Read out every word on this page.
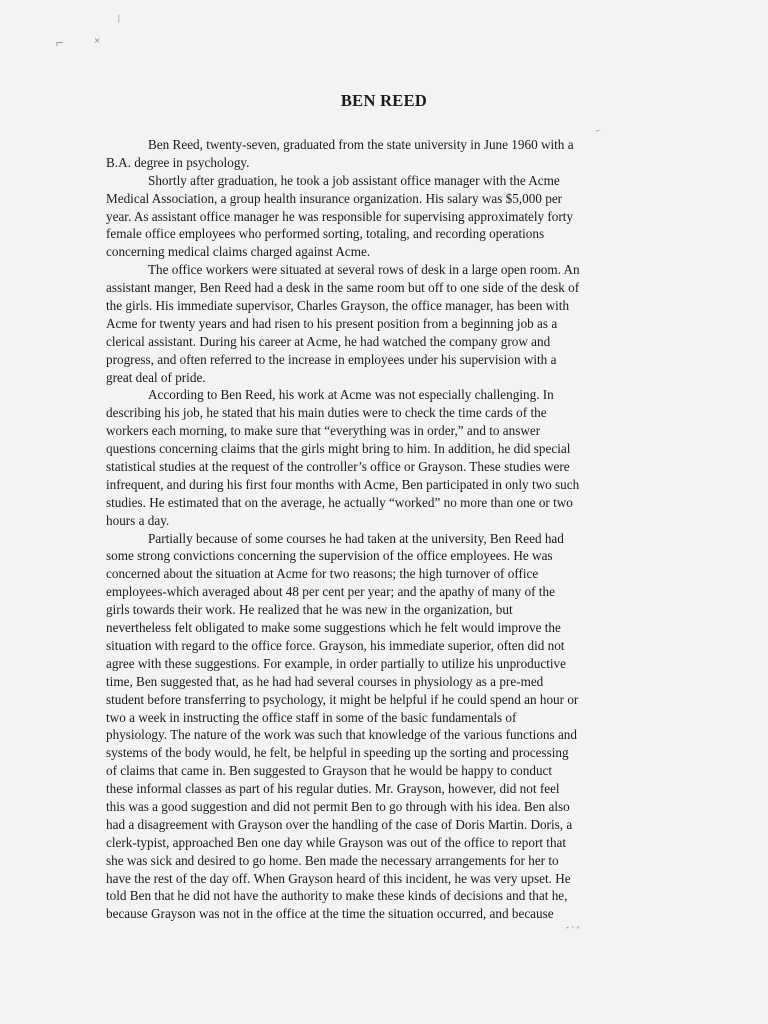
⌐	×
|
⌐
- · ◦
BEN REED
Ben Reed, twenty-seven, graduated from the state university in June 1960 with a
B.A. degree in psychology.
Shortly after graduation, he took a job assistant office manager with the Acme
Medical Association, a group health insurance organization. His salary was $5,000 per
year. As assistant office manager he was responsible for supervising approximately forty
female office employees who performed sorting, totaling, and recording operations
concerning medical claims charged against Acme.
The office workers were situated at several rows of desk in a large open room. An
assistant manger, Ben Reed had a desk in the same room but off to one side of the desk of
the girls. His immediate supervisor, Charles Grayson, the office manager, has been with
Acme for twenty years and had risen to his present position from a beginning job as a
clerical assistant. During his career at Acme, he had watched the company grow and
progress, and often referred to the increase in employees under his supervision with a
great deal of pride.
According to Ben Reed, his work at Acme was not especially challenging. In
describing his job, he stated that his main duties were to check the time cards of the
workers each morning, to make sure that “everything was in order,” and to answer
questions concerning claims that the girls might bring to him. In addition, he did special
statistical studies at the request of the controller’s office or Grayson. These studies were
infrequent, and during his first four months with Acme, Ben participated in only two such
studies. He estimated that on the average, he actually “worked” no more than one or two
hours a day.
Partially because of some courses he had taken at the university, Ben Reed had
some strong convictions concerning the supervision of the office employees. He was
concerned about the situation at Acme for two reasons; the high turnover of office
employees-which averaged about 48 per cent per year; and the apathy of many of the
girls towards their work. He realized that he was new in the organization, but
nevertheless felt obligated to make some suggestions which he felt would improve the
situation with regard to the office force. Grayson, his immediate superior, often did not
agree with these suggestions. For example, in order partially to utilize his unproductive
time, Ben suggested that, as he had had several courses in physiology as a pre-med
student before transferring to psychology, it might be helpful if he could spend an hour or
two a week in instructing the office staff in some of the basic fundamentals of
physiology. The nature of the work was such that knowledge of the various functions and
systems of the body would, he felt, be helpful in speeding up the sorting and processing
of claims that came in. Ben suggested to Grayson that he would be happy to conduct
these informal classes as part of his regular duties. Mr. Grayson, however, did not feel
this was a good suggestion and did not permit Ben to go through with his idea. Ben also
had a disagreement with Grayson over the handling of the case of Doris Martin. Doris, a
clerk-typist, approached Ben one day while Grayson was out of the office to report that
she was sick and desired to go home. Ben made the necessary arrangements for her to
have the rest of the day off. When Grayson heard of this incident, he was very upset. He
told Ben that he did not have the authority to make these kinds of decisions and that he,
because Grayson was not in the office at the time the situation occurred, and because
